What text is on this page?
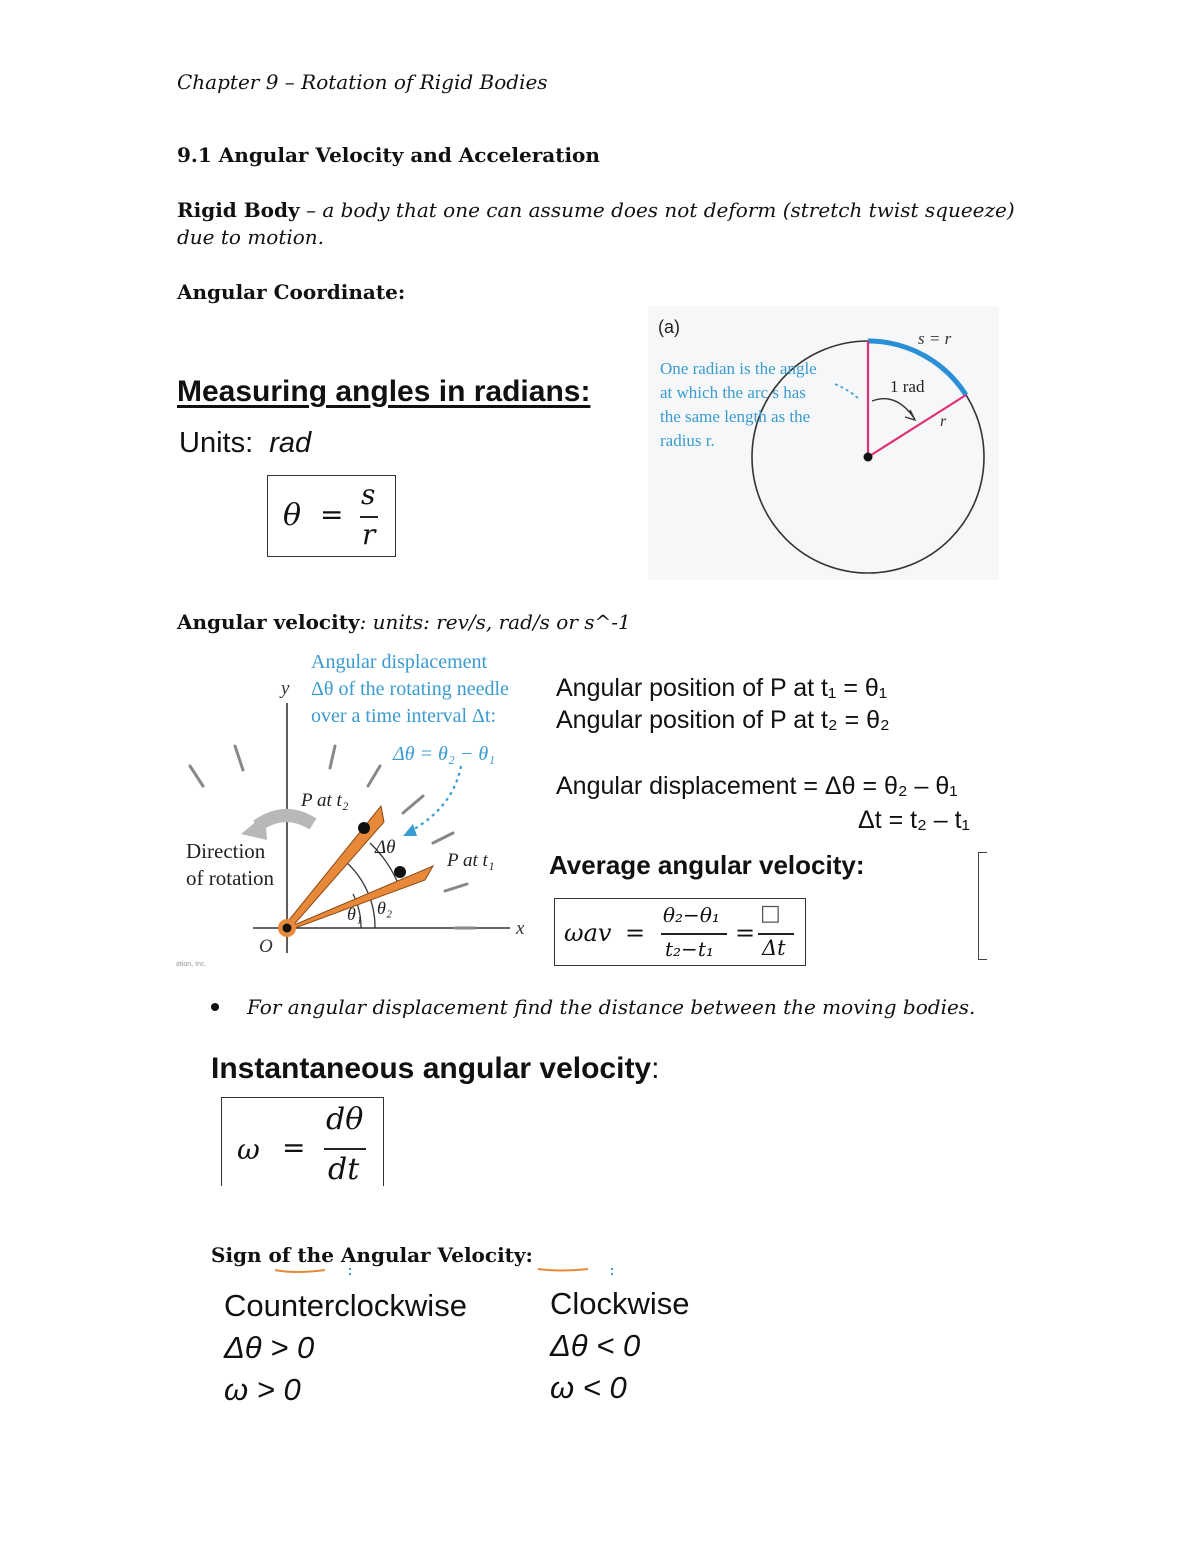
Chapter 9 – Rotation of Rigid Bodies
9.1 Angular Velocity and Acceleration
Rigid Body – a body that one can assume does not deform (stretch twist squeeze) due to motion.
Angular Coordinate:
Measuring angles in radians:
Units: rad
θ =
s
r
(a)
s = r
1 rad
r
One radian is the angle
at which the arc s has
the same length as the
radius r.
Angular velocity: units: rev/s, rad/s or s^-1
Angular displacement
Δθ of the rotating needle
over a time interval Δt:
Δθ = θ₂ − θ₁
y
x
O
P at t₂
P at t₁
Δθ
θ₁ θ₂
Direction
of rotation
ation, Inc.
Angular position of P at t₁ = θ₁
Angular position of P at t₂ = θ₂
Angular displacement = Δθ = θ₂ – θ₁
Δt = t₂ – t₁
Average angular velocity:
ωav =
θ₂−θ₁
t₂−t₁
=
□
Δt
For angular displacement find the distance between the moving bodies.
Instantaneous angular velocity:
ω =
dθ
dt
Sign of the Angular Velocity:
Counterclockwise
Δθ > 0
ω > 0
Clockwise
Δθ < 0
ω < 0
